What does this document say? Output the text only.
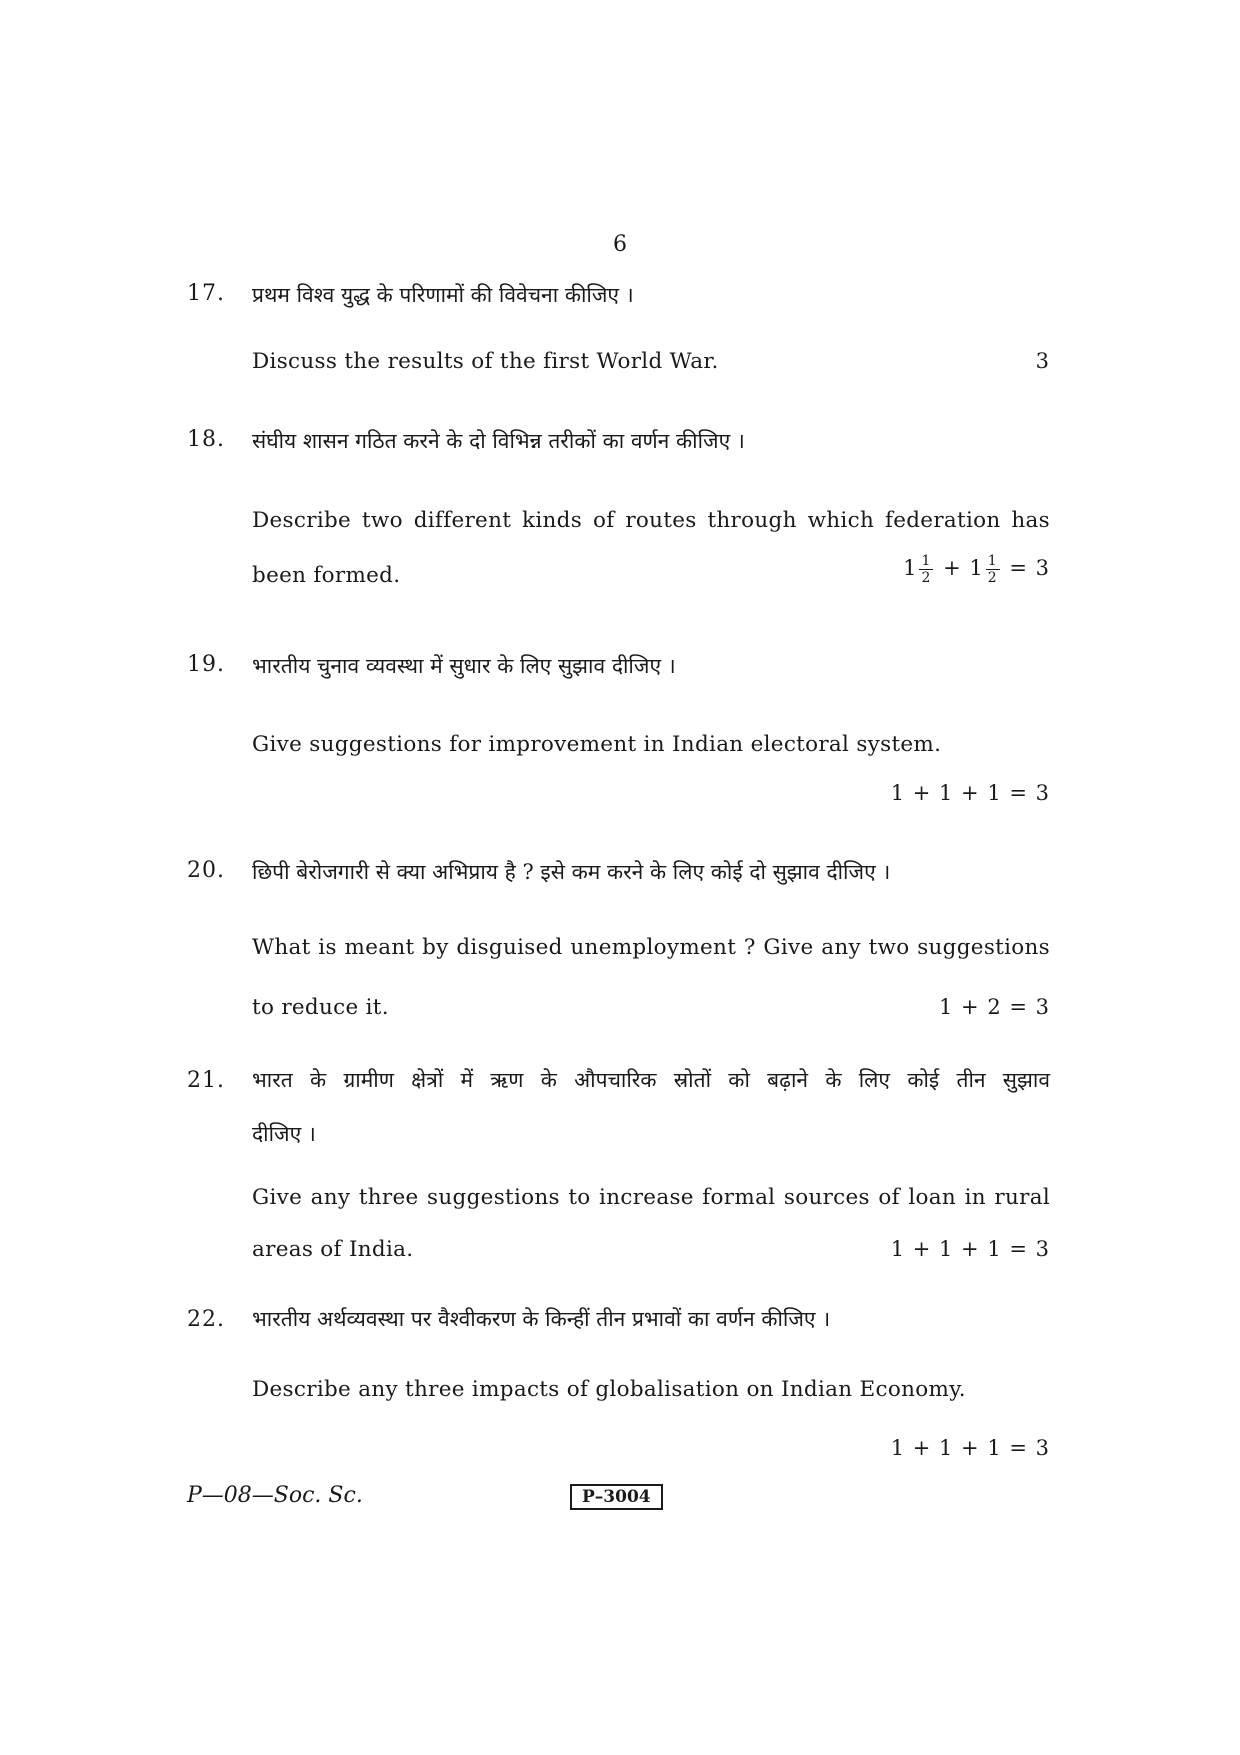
6
17. प्रथम विश्व युद्ध के परिणामों की विवेचना कीजिए ।
Discuss the results of the first World War.	3
18. संघीय शासन गठित करने के दो विभिन्न तरीकों का वर्णन कीजिए ।
Describe two different kinds of routes through which federation has
been formed.	$1 \frac{1}{2} + 1 \frac{1}{2} = 3$
19. भारतीय चुनाव व्यवस्था में सुधार के लिए सुझाव दीजिए ।
Give suggestions for improvement in Indian electoral system.
1 + 1 + 1 = 3
20. छिपी बेरोजगारी से क्या अभिप्राय है ? इसे कम करने के लिए कोई दो सुझाव दीजिए ।
What is meant by disguised unemployment ? Give any two suggestions
to reduce it.	1 + 2 = 3
21. भारत के ग्रामीण क्षेत्रों में ऋण के औपचारिक स्रोतों को बढ़ाने के लिए कोई तीन सुझाव
दीजिए ।
Give any three suggestions to increase formal sources of loan in rural
areas of India.	1 + 1 + 1 = 3
22. भारतीय अर्थव्यवस्था पर वैश्वीकरण के किन्हीं तीन प्रभावों का वर्णन कीजिए ।
Describe any three impacts of globalisation on Indian Economy.
1 + 1 + 1 = 3
P—08—Soc. Sc.	P–3004
